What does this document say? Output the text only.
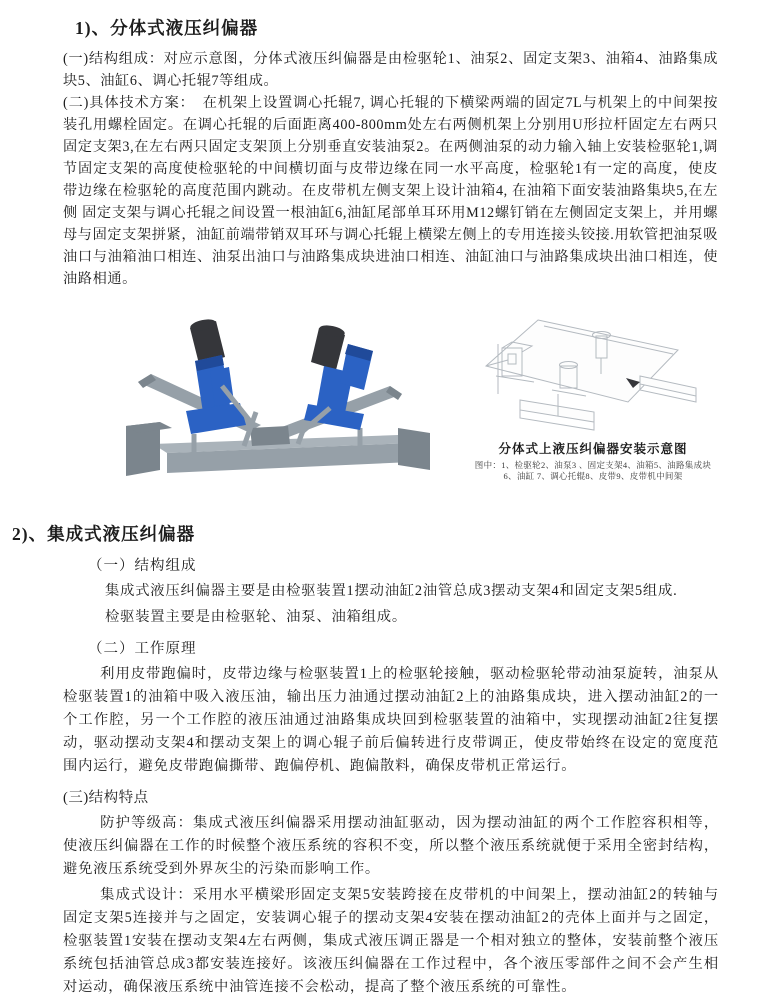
1)、分体式液压纠偏器

(一)结构组成：对应示意图，分体式液压纠偏器是由检驱轮1、油泵2、固定支架3、油箱4、油路集成块5、油缸6、调心托辊7等组成。

(二)具体技术方案：　在机架上设置调心托辊7, 调心托辊的下横梁两端的固定7L与机架上的中间架按装孔用螺栓固定。在调心托辊的后面距离400-800mm处左右两侧机架上分别用U形拉杆固定左右两只固定支架3,在左右两只固定支架顶上分别垂直安装油泵2。在两侧油泵的动力输入轴上安装检驱轮1,调节固定支架的高度使检驱轮的中间横切面与皮带边缘在同一水平高度，检驱轮1有一定的高度，使皮带边缘在检驱轮的高度范围内跳动。在皮带机左侧支架上设计油箱4, 在油箱下面安装油路集块5,在左侧 固定支架与调心托辊之间设置一根油缸6,油缸尾部单耳环用M12螺钉销在左侧固定支架上，并用螺母与固定支架拼紧，油缸前端带销双耳环与调心托辊上横梁左侧上的专用连接头铰接.用软管把油泵吸油口与油箱油口相连、油泵出油口与油路集成块进油口相连、油缸油口与油路集成块出油口相连，使油路相通。

分体式上液压纠偏器安装示意图
图中：1、检驱轮2、油泵3 、固定支架4、油箱5、油路集成块
6、油缸 7、调心托辊8、皮带9、皮带机中间架
2)、集成式液压纠偏器
（一）结构组成

集成式液压纠偏器主要是由检驱装置1摆动油缸2油管总成3摆动支架4和固定支架5组成.

检驱装置主要是由检驱轮、油泵、油箱组成。

（二）工作原理

利用皮带跑偏时，皮带边缘与检驱装置1上的检驱轮接触，驱动检驱轮带动油泵旋转，油泵从检驱装置1的油箱中吸入液压油，输出压力油通过摆动油缸2上的油路集成块，进入摆动油缸2的一个工作腔，另一个工作腔的液压油通过油路集成块回到检驱装置的油箱中，实现摆动油缸2往复摆动，驱动摆动支架4和摆动支架上的调心辊子前后偏转进行皮带调正，使皮带始终在设定的宽度范围内运行，避免皮带跑偏撕带、跑偏停机、跑偏散料，确保皮带机正常运行。

(三)结构特点

防护等级高：集成式液压纠偏器采用摆动油缸驱动，因为摆动油缸的两个工作腔容积相等，使液压纠偏器在工作的时候整个液压系统的容积不变，所以整个液压系统就便于采用全密封结构，避免液压系统受到外界灰尘的污染而影响工作。

集成式设计：采用水平横梁形固定支架5安装跨接在皮带机的中间架上，摆动油缸2的转轴与固定支架5连接并与之固定，安装调心辊子的摆动支架4安装在摆动油缸2的壳体上面并与之固定，检驱装置1安装在摆动支架4左右两侧，集成式液压调正器是一个相对独立的整体，安装前整个液压系统包括油管总成3都安装连接好。该液压纠偏器在工作过程中，各个液压零部件之间不会产生相对运动，确保液压系统中油管连接不会松动，提高了整个液压系统的可靠性。
